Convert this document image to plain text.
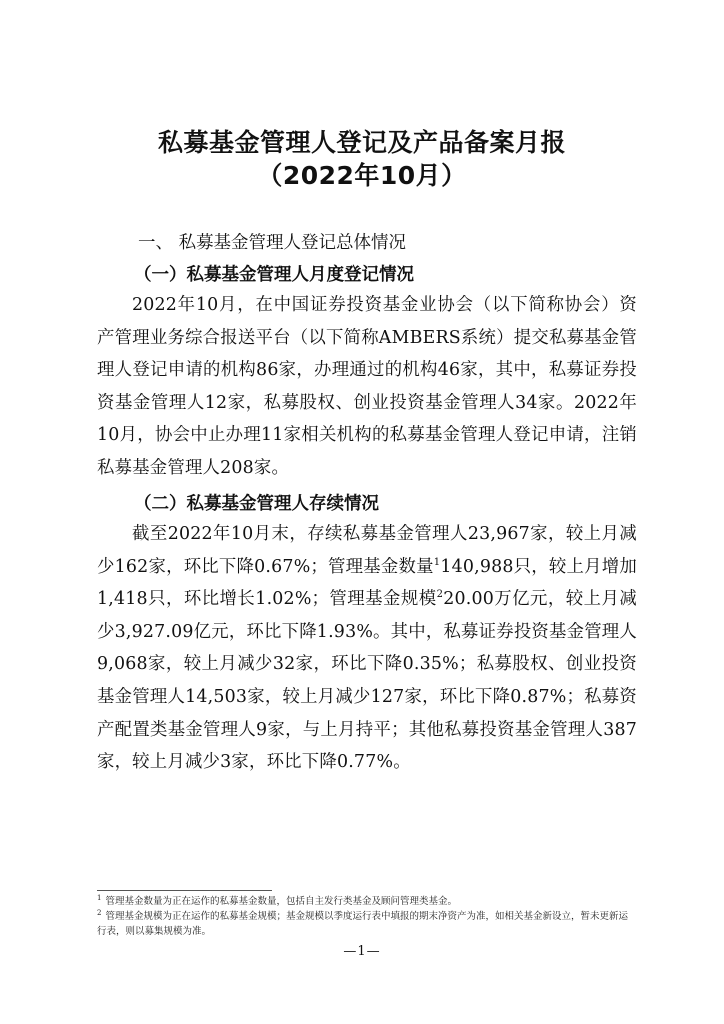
私募基金管理人登记及产品备案月报
（2022年10月）

一、 私募基金管理人登记总体情况

（一）私募基金管理人月度登记情况

2022年10月，在中国证券投资基金业协会（以下简称协会）资产管理业务综合报送平台（以下简称AMBERS系统）提交私募基金管理人登记申请的机构86家，办理通过的机构46家，其中，私募证券投资基金管理人12家，私募股权、创业投资基金管理人34家。2022年10月，协会中止办理11家相关机构的私募基金管理人登记申请，注销私募基金管理人208家。

（二）私募基金管理人存续情况

截至2022年10月末，存续私募基金管理人23,967家，较上月减少162家，环比下降0.67%；管理基金数量$^1$140,988只，较上月增加1,418只，环比增长1.02%；管理基金规模$^2$20.00万亿元，较上月减少3,927.09亿元，环比下降1.93%。其中，私募证券投资基金管理人9,068家，较上月减少32家，环比下降0.35%；私募股权、创业投资基金管理人14,503家，较上月减少127家，环比下降0.87%；私募资产配置类基金管理人9家，与上月持平；其他私募投资基金管理人387家，较上月减少3家，环比下降0.77%。

$^1$ 管理基金数量为正在运作的私募基金数量，包括自主发行类基金及顾问管理类基金。

$^2$ 管理基金规模为正在运作的私募基金规模；基金规模以季度运行表中填报的期末净资产为准，如相关基金新设立，暂未更新运行表，则以募集规模为准。

—1—
